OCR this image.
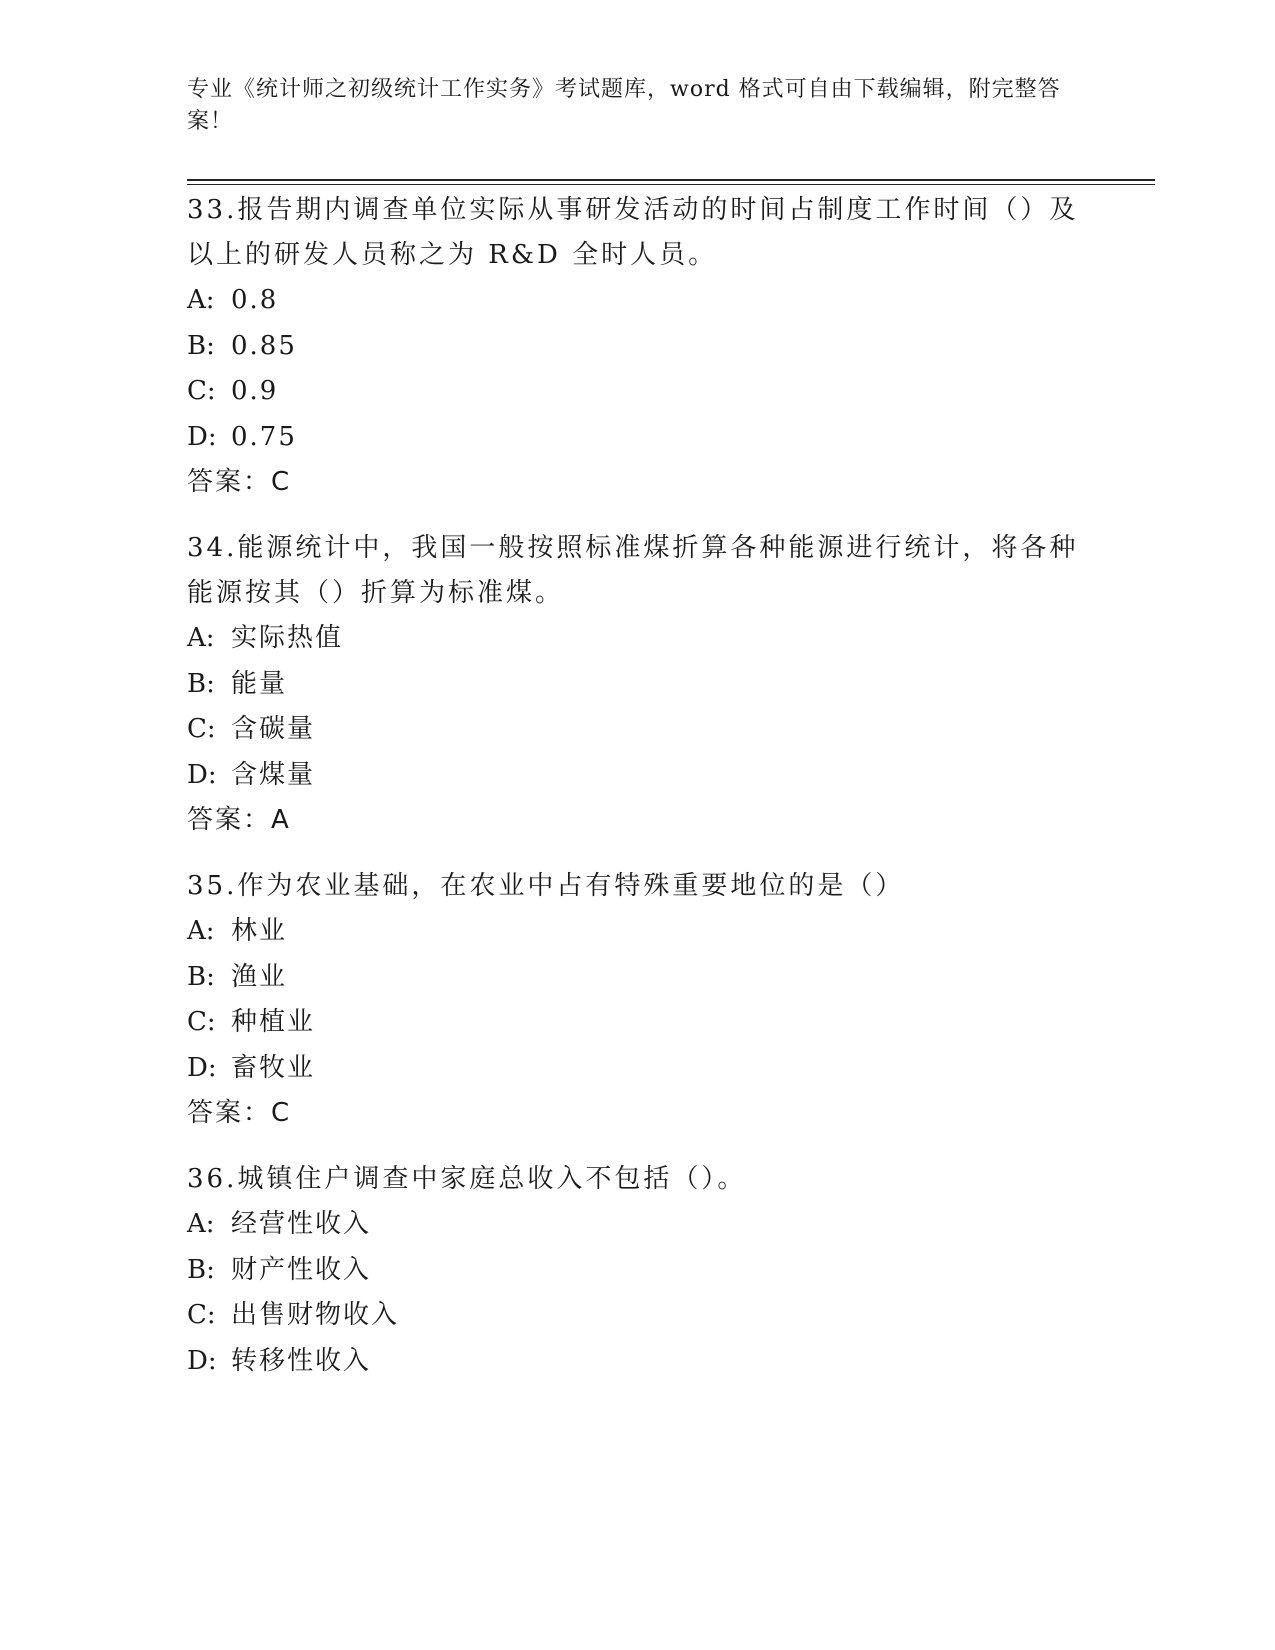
专业《统计师之初级统计工作实务》考试题库，word 格式可自由下载编辑，附完整答案！

33.报告期内调查单位实际从事研发活动的时间占制度工作时间（）及以上的研发人员称之为 R&D 全时人员。

A: 0.8

B: 0.85

C: 0.9

D: 0.75

答案：C

34.能源统计中，我国一般按照标准煤折算各种能源进行统计，将各种能源按其（）折算为标准煤。

A: 实际热值

B: 能量

C: 含碳量

D: 含煤量

答案：A

35.作为农业基础，在农业中占有特殊重要地位的是（）

A: 林业

B: 渔业

C: 种植业

D: 畜牧业

答案：C

36.城镇住户调查中家庭总收入不包括（）。

A: 经营性收入

B: 财产性收入

C: 出售财物收入

D: 转移性收入
